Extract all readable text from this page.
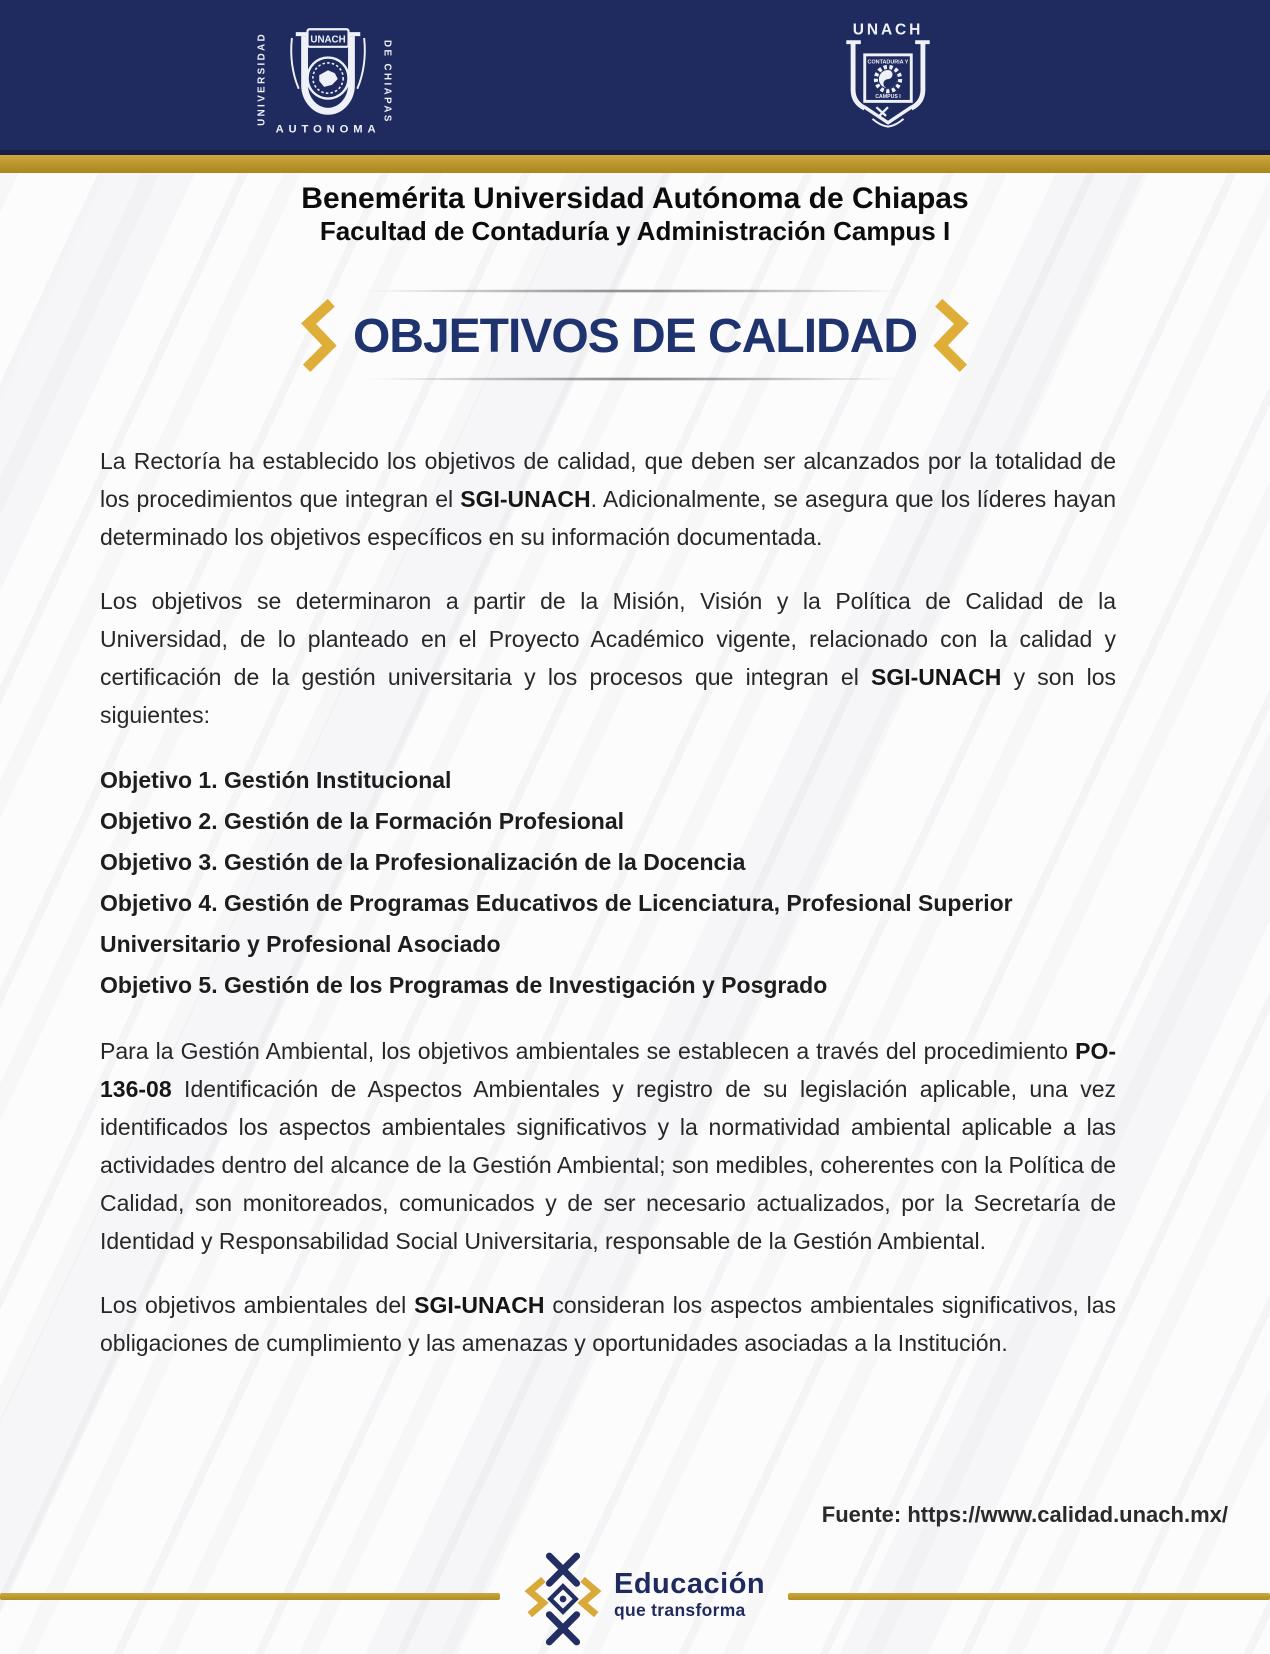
UNIVERSIDAD	DE CHIAPAS
UNACH
AUTONOMA
UNACH
CONTADURIA Y
CAMPUS I
Benemérita Universidad Autónoma de Chiapas
Facultad de Contaduría y Administración Campus I
OBJETIVOS DE CALIDAD

La Rectoría ha establecido los objetivos de calidad, que deben ser alcanzados por la totalidad de los procedimientos que integran el SGI-UNACH. Adicionalmente, se asegura que los líderes hayan determinado los objetivos específicos en su información documentada.

Los objetivos se determinaron a partir de la Misión, Visión y la Política de Calidad de la Universidad, de lo planteado en el Proyecto Académico vigente, relacionado con la calidad y certificación de la gestión universitaria y los procesos que integran el SGI-UNACH y son los siguientes:

Objetivo 1. Gestión Institucional
Objetivo 2. Gestión de la Formación Profesional
Objetivo 3. Gestión de la Profesionalización de la Docencia
Objetivo 4. Gestión de Programas Educativos de Licenciatura, Profesional Superior Universitario y Profesional Asociado
Objetivo 5. Gestión de los Programas de Investigación y Posgrado

Para la Gestión Ambiental, los objetivos ambientales se establecen a través del procedimiento PO-136-08 Identificación de Aspectos Ambientales y registro de su legislación aplicable, una vez identificados los aspectos ambientales significativos y la normatividad ambiental aplicable a las actividades dentro del alcance de la Gestión Ambiental; son medibles, coherentes con la Política de Calidad, son monitoreados, comunicados y de ser necesario actualizados, por la Secretaría de Identidad y Responsabilidad Social Universitaria, responsable de la Gestión Ambiental.

Los objetivos ambientales del SGI-UNACH consideran los aspectos ambientales significativos, las obligaciones de cumplimiento y las amenazas y oportunidades asociadas a la Institución.

Fuente: https://www.calidad.unach.mx/
Educación
que transforma
